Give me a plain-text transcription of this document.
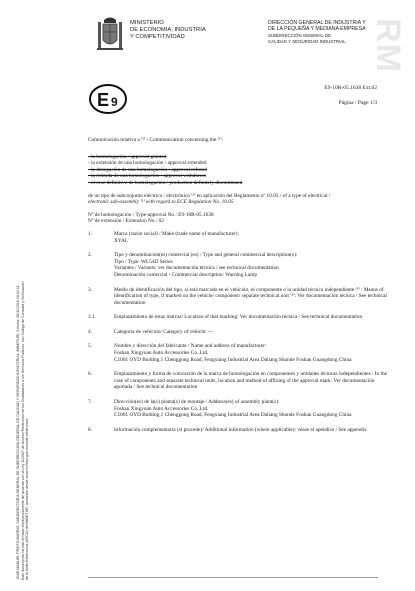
JOSE MANUEL PRIETO BARRIO, SUBDIRECTOR/A GENERAL DE SUBDIRECCION GENERAL DE CALIDAD Y SEGURIDAD INDUSTRIAL (MINETUR), A fecha: 08/11/2016 18:02:11 Este documento ha sido firmado electronicamente de acuerdo con la Ley 11/2007 de Acceso Electronico de los Ciudadanos a los Servicios Publicos, con Código de Consulta y Verificación: de la Sede Electronica (ARCO) del MINETUR, accesible desde www.minetur.gob.es/sede-electronica
RM
MINISTERIO
DE ECONOMIA, INDUSTRIA
Y COMPETITIVIDAD
DIRECCIÓN GENERAL DE INDUSTRIA Y
DE LA PEQUEÑA Y MEDIANA EMPRESA
SUBDIRECCIÓN GENERAL DE
CALIDAD Y SEGURIDAD INDUSTRIAL
E 9
E9-10R-05.1638 Ext.02
Página / Page 1/3
Comunicación relativa a ⁽¹⁾ / Communication concerning the ⁽¹⁾:
- la homologación / approval granted
- la extensión de una homologación / approval extended
- la denegación de una homologación / approval refused
- la retirada de una homologación / approval withdrawn
- el cese definitivo de homologación / production definitely discontinued
de un tipo de subconjunto eléctrico / electrónico ⁽¹⁾ en aplicación del Reglamento nº 10.05 / of a type of electrical /
electronic sub-assembly ⁽¹⁾ with regard to ECE Regulation No. 10.05
Nº de homologación / Type-approval No.: E9-10R-05.1638
Nº de extensión / Extension No.: 02
1.	Marca (razón social) / Make (trade name of manufacturer):
XYAL
2.	Tipo y denominación(es) comercial (es) / Type and general commercial description(s):
Tipo / Type: WL54D Series
Variantes / Variants: ver documentación técnica / see technical documentation
Denominación comercial / Commercial description: Warning Lamp
3.	Medio de identificación del tipo, si está marcado en el vehículo, el componente o la unidad técnica independiente ⁽¹⁾ / Means of identification of type, if marked on the vehicle/ component/ separate technical unit ⁽¹⁾: Ver documentación técnica / See technical documentation
3.1.	Emplazamiento de estas marcas/ Location of that marking: Ver documentación técnica / See technical documentation
4.	Categoría de vehículo/ Category of vehicle: ---
5.	Nombre y dirección del fabricante / Name and address of manufacturer:
Foshan Xingyuan Auto Accessories Co.,Ltd.
C1001 OYD Bulding,1 Chenggong Road, Fengxiang Industrial Area Daliang Shunde Foshan Guangdong China
6.	Emplazamiento y forma de colocación de la marca de homologación en componentes y unidades técnicas independientes / In the case of components and separate technical units, location and method of affixing of the approval mark: Ver documentación aportada / See technical documentation
7.	Dirección(es) de la(s) planta(s) de montaje / Address(es) of assembly plant(s):
Foshan Xingyuan Auto Accessories Co.,Ltd.
C1001 OYD Bulding,1 Chenggong Road, Fengxiang Industrial Area Daliang Shunde Foshan Guangdong China
8.	Información complementaria (si procede)/ Additional information (where applicable): véase el apéndice / See appendix
